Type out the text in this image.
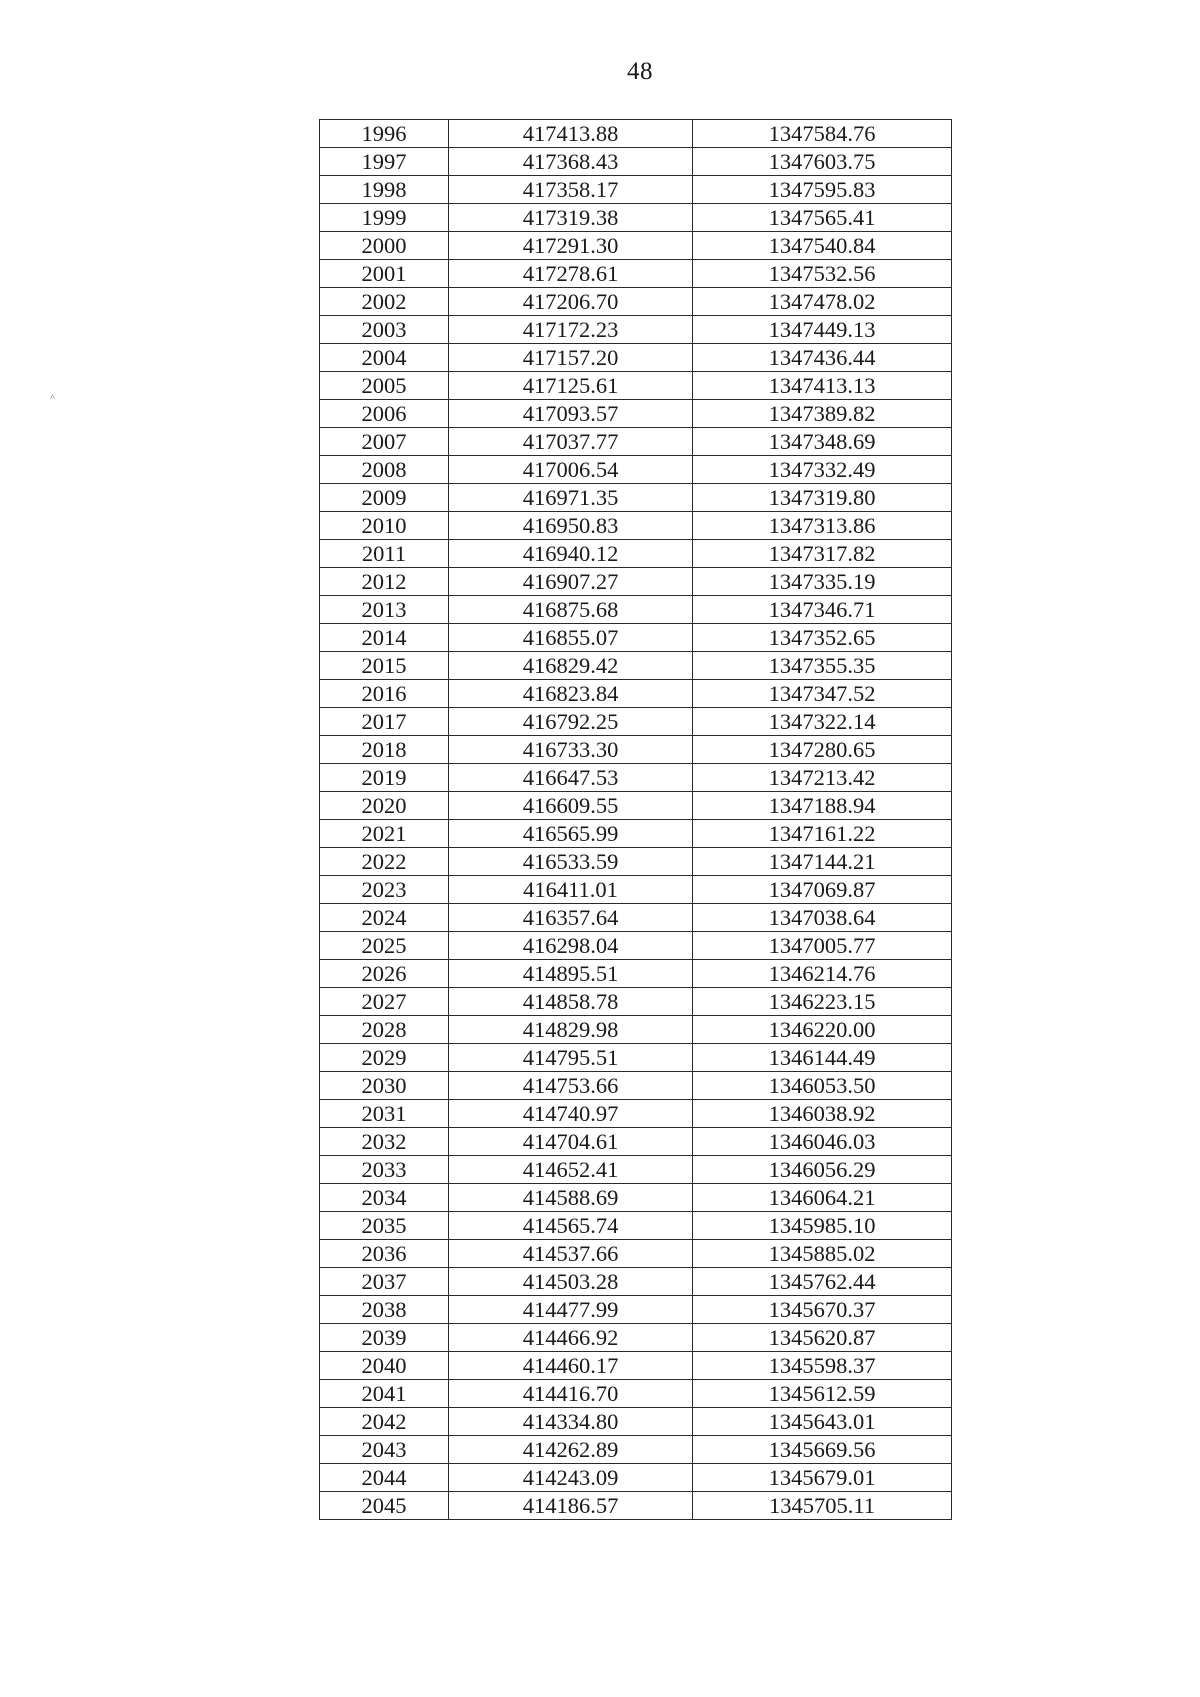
48
˄
1996	417413.88	1347584.76
1997	417368.43	1347603.75
1998	417358.17	1347595.83
1999	417319.38	1347565.41
2000	417291.30	1347540.84
2001	417278.61	1347532.56
2002	417206.70	1347478.02
2003	417172.23	1347449.13
2004	417157.20	1347436.44
2005	417125.61	1347413.13
2006	417093.57	1347389.82
2007	417037.77	1347348.69
2008	417006.54	1347332.49
2009	416971.35	1347319.80
2010	416950.83	1347313.86
2011	416940.12	1347317.82
2012	416907.27	1347335.19
2013	416875.68	1347346.71
2014	416855.07	1347352.65
2015	416829.42	1347355.35
2016	416823.84	1347347.52
2017	416792.25	1347322.14
2018	416733.30	1347280.65
2019	416647.53	1347213.42
2020	416609.55	1347188.94
2021	416565.99	1347161.22
2022	416533.59	1347144.21
2023	416411.01	1347069.87
2024	416357.64	1347038.64
2025	416298.04	1347005.77
2026	414895.51	1346214.76
2027	414858.78	1346223.15
2028	414829.98	1346220.00
2029	414795.51	1346144.49
2030	414753.66	1346053.50
2031	414740.97	1346038.92
2032	414704.61	1346046.03
2033	414652.41	1346056.29
2034	414588.69	1346064.21
2035	414565.74	1345985.10
2036	414537.66	1345885.02
2037	414503.28	1345762.44
2038	414477.99	1345670.37
2039	414466.92	1345620.87
2040	414460.17	1345598.37
2041	414416.70	1345612.59
2042	414334.80	1345643.01
2043	414262.89	1345669.56
2044	414243.09	1345679.01
2045	414186.57	1345705.11
